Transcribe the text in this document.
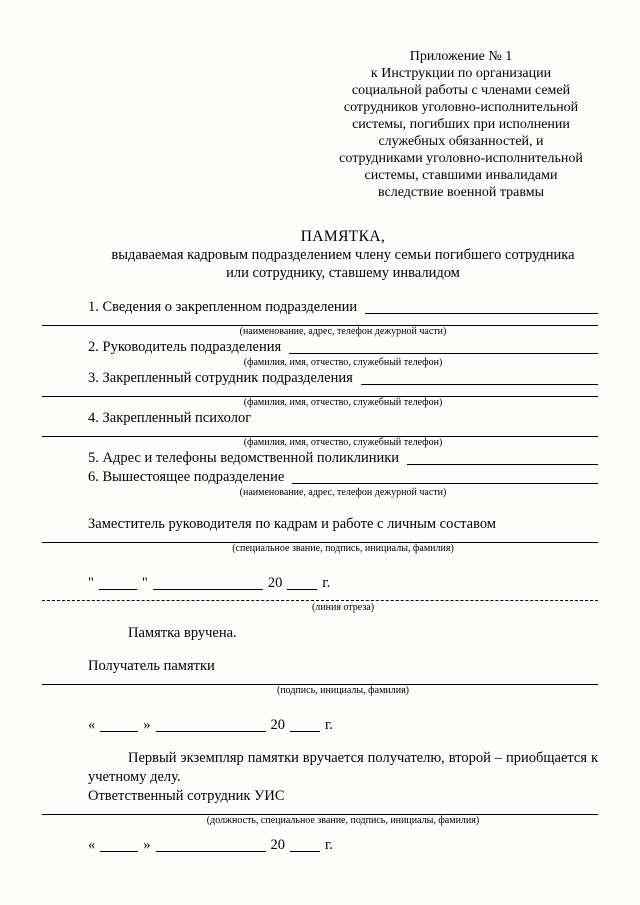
Приложение № 1
к Инструкции по организации
социальной работы с членами семей
сотрудников уголовно-исполнительной
системы, погибших при исполнении
служебных обязанностей, и
сотрудниками уголовно-исполнительной
системы, ставшими инвалидами
вследствие военной травмы
ПАМЯТКА,
выдаваемая кадровым подразделением члену семьи погибшего сотрудника
или сотруднику, ставшему инвалидом
1. Сведения о закрепленном подразделении
(наименование, адрес, телефон дежурной части)
2. Руководитель подразделения
(фамилия, имя, отчество, служебный телефон)
3. Закрепленный сотрудник подразделения
(фамилия, имя, отчество, служебный телефон)
4. Закрепленный психолог
(фамилия, имя, отчество, служебный телефон)
5. Адрес и телефоны ведомственной поликлиники
6. Вышестоящее подразделение
(наименование, адрес, телефон дежурной части)
Заместитель руководителя по кадрам и работе с личным составом
(специальное звание, подпись, инициалы, фамилия)
"	"	20	г.
(линия отреза)
Памятка вручена.
Получатель памятки
(подпись, инициалы, фамилия)
«	»	20	г.
Первый экземпляр памятки вручается получателю, второй – приобщается к учетному делу.
Ответственный сотрудник УИС
(должность, специальное звание, подпись, инициалы, фамилия)
«	»	20	г.
